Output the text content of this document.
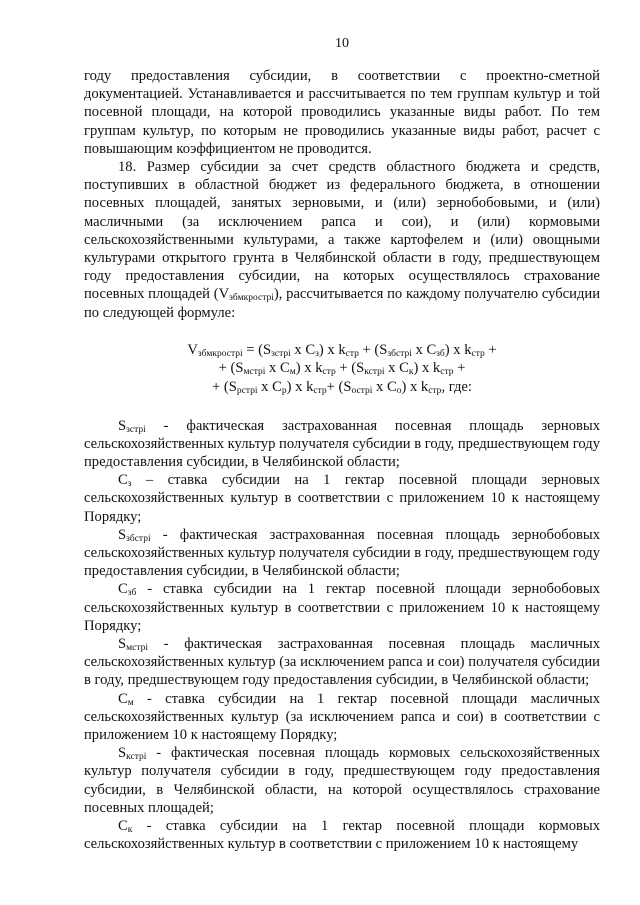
10

году предоставления субсидии, в соответствии с проектно-сметной документацией. Устанавливается и рассчитывается по тем группам культур и той посевной площади, на которой проводились указанные виды работ. По тем группам культур, по которым не проводились указанные виды работ, расчет с повышающим коэффициентом не проводится.

18. Размер субсидии за счет средств областного бюджета и средств, поступивших в областной бюджет из федерального бюджета, в отношении посевных площадей, занятых зерновыми, и (или) зернобобовыми, и (или) масличными (за исключением рапса и сои), и (или) кормовыми сельскохозяйственными культурами, а также картофелем и (или) овощными культурами открытого грунта в Челябинской области в году, предшествующем году предоставления субсидии, на которых осуществлялось страхование посевных площадей $(V_{збмкрострі})$, рассчитывается по каждому получателю субсидии по следующей формуле:

$V_{збмкрострі} = (S_{зстрі}$ х $С_з$) х $k_{стр} + (S_{збстрі}$ х $С_{зб}$) х $k_{стр}$ +
+ ($S_{мстрі}$ х $С_м$) х $k_{стр} + (S_{кстрі}$ х $С_к$) х $k_{стр}$ +
+ ($S_{рстрі}$ х $С_р$) х $k_{стр}+ (S_{острі}$ х $С_о$) х $k_{стр}$, где:

$S_{зстрі}$ - фактическая застрахованная посевная площадь зерновых сельскохозяйственных культур получателя субсидии в году, предшествующем году предоставления субсидии, в Челябинской области;

$С_з$ – ставка субсидии на 1 гектар посевной площади зерновых сельскохозяйственных культур в соответствии с приложением 10 к настоящему Порядку;

$S_{збстрі}$ - фактическая застрахованная посевная площадь зернобобовых сельскохозяйственных культур получателя субсидии в году, предшествующем году предоставления субсидии, в Челябинской области;

$С_{зб}$ - ставка субсидии на 1 гектар посевной площади зернобобовых сельскохозяйственных культур в соответствии с приложением 10 к настоящему Порядку;

$S_{мстрі}$ - фактическая застрахованная посевная площадь масличных сельскохозяйственных культур (за исключением рапса и сои) получателя субсидии в году, предшествующем году предоставления субсидии, в Челябинской области;

$С_м$ - ставка субсидии на 1 гектар посевной площади масличных сельскохозяйственных культур (за исключением рапса и сои) в соответствии с приложением 10 к настоящему Порядку;

$S_{кстрі}$ - фактическая посевная площадь кормовых сельскохозяйственных культур получателя субсидии в году, предшествующем году предоставления субсидии, в Челябинской области, на которой осуществлялось страхование посевных площадей;

$С_к$ - ставка субсидии на 1 гектар посевной площади кормовых сельскохозяйственных культур в соответствии с приложением 10 к настоящему
